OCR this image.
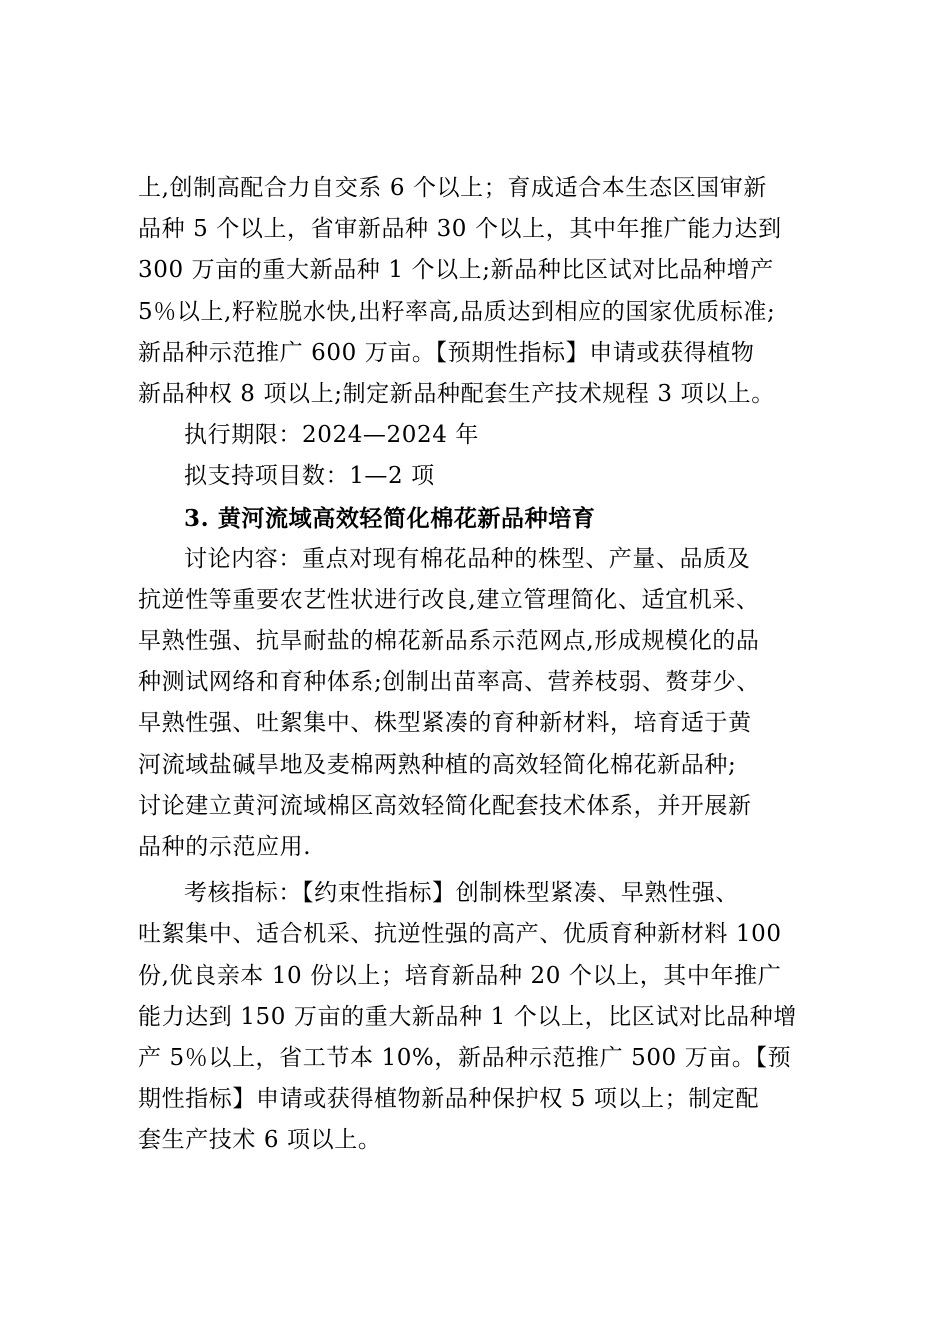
上,创制高配合力自交系 6 个以上；育成适合本生态区国审新
品种 5 个以上，省审新品种 30 个以上，其中年推广能力达到
300 万亩的重大新品种 1 个以上;新品种比区试对比品种增产
5％以上,籽粒脱水快,出籽率高,品质达到相应的国家优质标准;
新品种示范推广 600 万亩。【预期性指标】申请或获得植物
新品种权 8 项以上;制定新品种配套生产技术规程 3 项以上。
执行期限：2024—2024 年
拟支持项目数：1—2 项
3. 黄河流域高效轻简化棉花新品种培育
讨论内容：重点对现有棉花品种的株型、产量、品质及
抗逆性等重要农艺性状进行改良,建立管理简化、适宜机采、
早熟性强、抗旱耐盐的棉花新品系示范网点,形成规模化的品
种测试网络和育种体系;创制出苗率高、营养枝弱、赘芽少、
早熟性强、吐絮集中、株型紧凑的育种新材料，培育适于黄
河流域盐碱旱地及麦棉两熟种植的高效轻简化棉花新品种;
讨论建立黄河流域棉区高效轻简化配套技术体系，并开展新
品种的示范应用.
考核指标：【约束性指标】创制株型紧凑、早熟性强、
吐絮集中、适合机采、抗逆性强的高产、优质育种新材料 100
份,优良亲本 10 份以上；培育新品种 20 个以上，其中年推广
能力达到 150 万亩的重大新品种 1 个以上，比区试对比品种增
产 5％以上，省工节本 10%，新品种示范推广 500 万亩。【预
期性指标】申请或获得植物新品种保护权 5 项以上；制定配
套生产技术 6 项以上。
